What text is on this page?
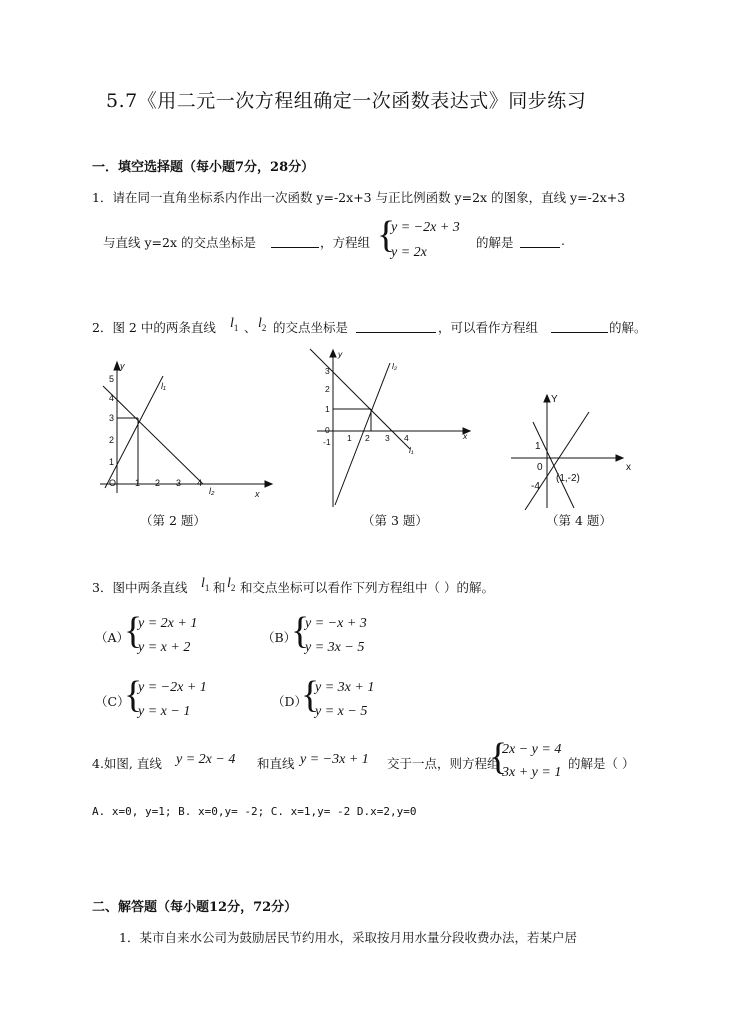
5.7《用二元一次方程组确定一次函数表达式》同步练习
一．填空选择题（每小题7分，28分）
1．请在同一直角坐标系内作出一次函数 y=-2x+3 与正比例函数 y=2x 的图象，直线 y=-2x+3
与直线 y=2x 的交点坐标是	，方程组 {
y = −2x + 3
y = 2x
的解是	.
2．图 2 中的两条直线 $l_1$ 、 $l_2$ 的交点坐标是	，可以看作方程组	的解。
y
x
O
1
2
3
4
5
1 2 3 4
l₁
l₂
（第 2 题）
y
x
0
1
2
3
-1 1 2 3 4
l₁
l₂
（第 3 题）
Y
x
0
1
-4
(1,-2)
（第 4 题）
3．图中两条直线 $l_1$ 和 $l_2$ 和交点坐标可以看作下列方程组中（ ）的解。
（A）
{
y = 2x + 1
y = x + 2
（B）
{
y = −x + 3
y = 3x − 5
（C）
{
y = −2x + 1
y = x − 1
（D）
{
y = 3x + 1
y = x − 5
4.如图, 直线 y = 2x − 4 和直线 y = −3x + 1 交于一点，则方程组
{
2x − y = 4
3x + y = 1
的解是（ ）
A. x=0, y=1; B. x=0,y= -2; C. x=1,y= -2 D.x=2,y=0
二、解答题（每小题12分，72分）
1．某市自来水公司为鼓励居民节约用水，采取按月用水量分段收费办法，若某户居
